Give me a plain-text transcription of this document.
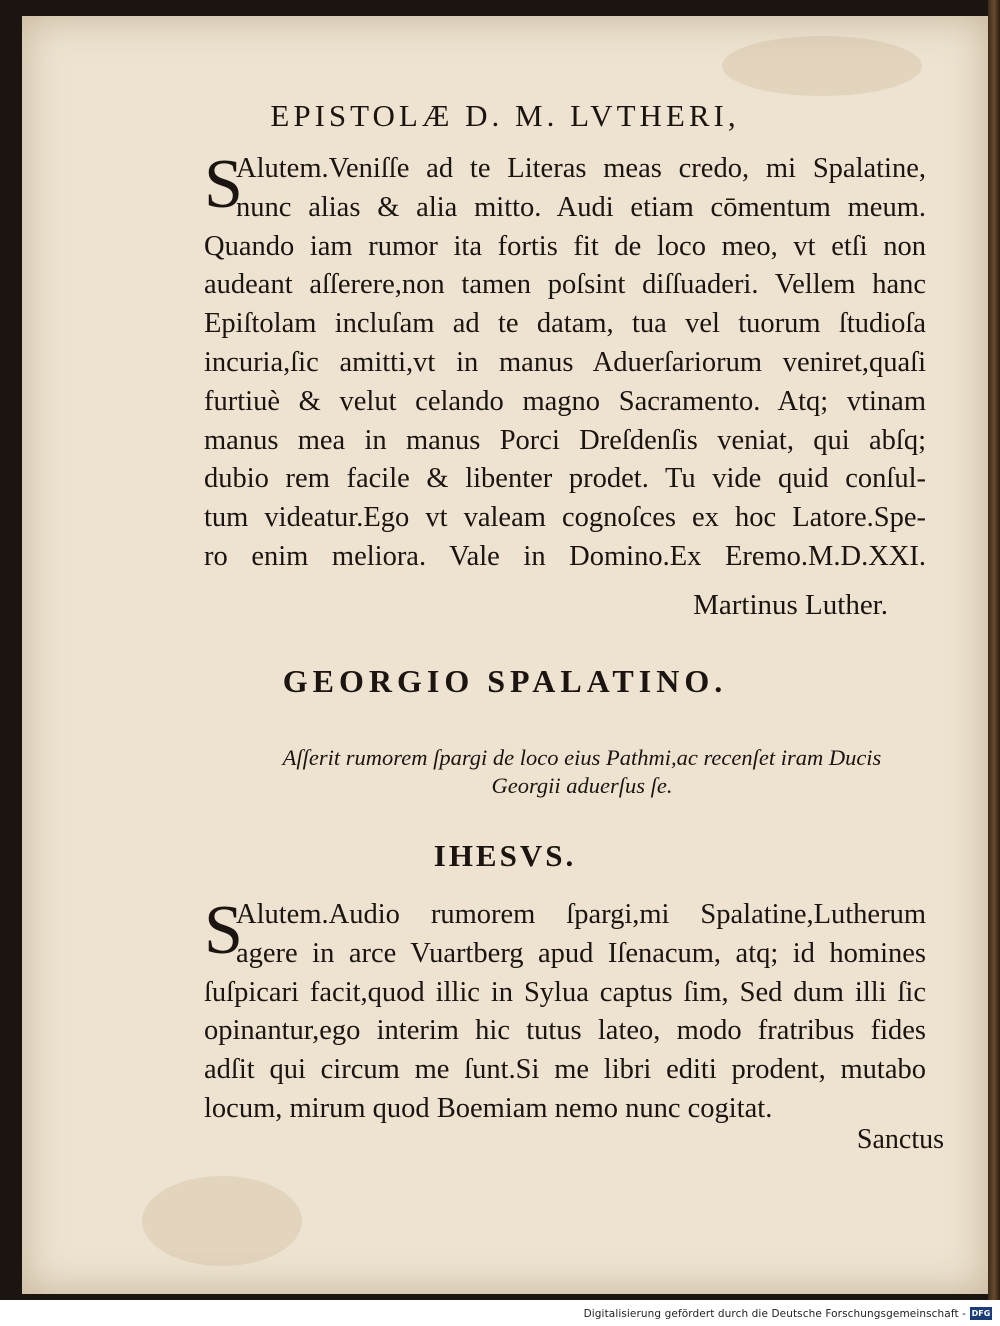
EPISTOLÆ D. M. LVTHERI,
S
Alutem.Veniſſe ad te Literas meas credo, mi Spalatine,
nunc alias & alia mitto. Audi etiam cōmentum meum.
Quando iam rumor ita fortis fit de loco meo, vt etſi non
audeant aſſerere,non tamen poſsint diſſuaderi. Vellem hanc
Epiſtolam incluſam ad te datam, tua vel tuorum ſtudioſa
incuria,ſic amitti,vt in manus Aduerſariorum veniret,quaſi
furtiuè & velut celando magno Sacramento. Atq; vtinam
manus mea in manus Porci Dreſdenſis veniat, qui abſq;
dubio rem facile & libenter prodet. Tu vide quid conſul-
tum videatur.Ego vt valeam cognoſces ex hoc Latore.Spe-
ro enim meliora. Vale in Domino.Ex Eremo.M.D.XXI.
Martinus Luther.
GEORGIO SPALATINO.
Aſſerit rumorem ſpargi de loco eius Pathmi,ac recenſet iram Ducis
Georgii aduerſus ſe.
IHESVS.
S
Alutem.Audio rumorem ſpargi,mi Spalatine,Lutherum
agere in arce Vuartberg apud Iſenacum, atq; id homines
ſuſpicari facit,quod illic in Sylua captus ſim, Sed dum illi ſic
opinantur,ego interim hic tutus lateo, modo fratribus fides
adſit qui circum me ſunt.Si me libri editi prodent, mutabo
locum, mirum quod Boemiam nemo nunc cogitat.
Sanctus
Digitalisierung gefördert durch die Deutsche Forschungsgemeinschaft - DFG
